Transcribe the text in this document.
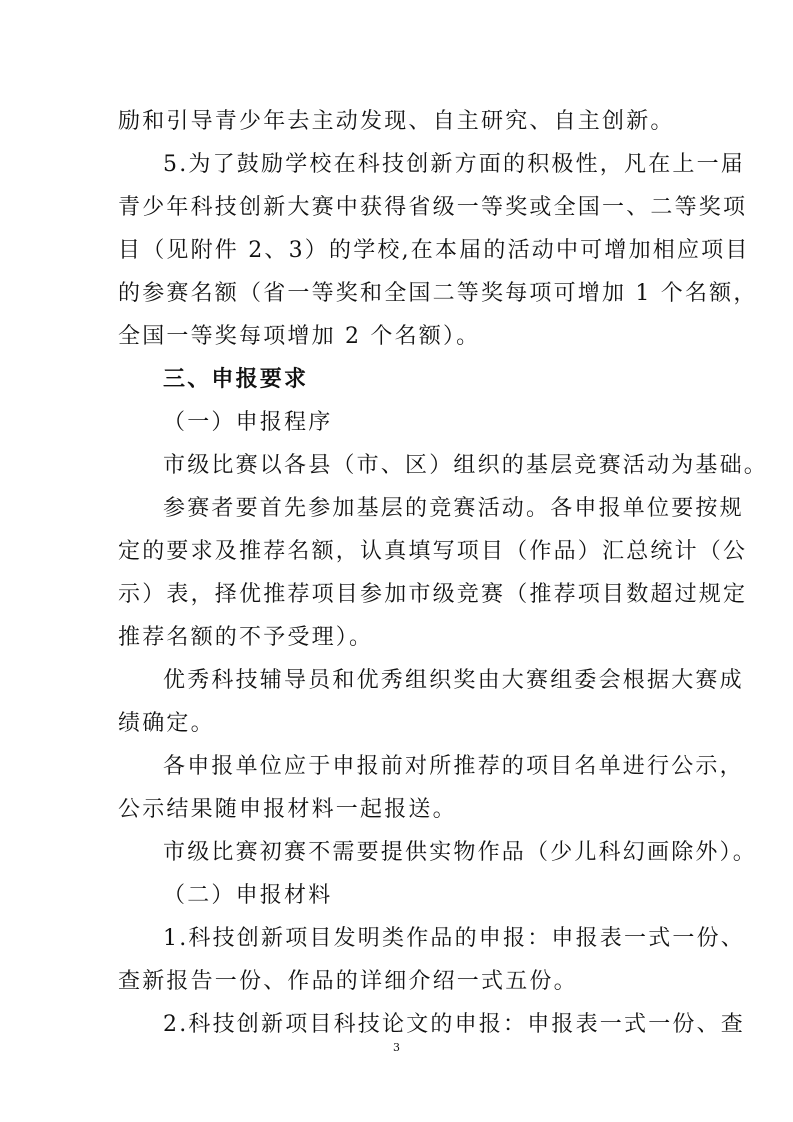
励和引导青少年去主动发现、自主研究、自主创新。
5.为了鼓励学校在科技创新方面的积极性，凡在上一届
青少年科技创新大赛中获得省级一等奖或全国一、二等奖项
目（见附件 2、3）的学校,在本届的活动中可增加相应项目
的参赛名额（省一等奖和全国二等奖每项可增加 1 个名额，
全国一等奖每项增加 2 个名额）。
三、申报要求
（一）申报程序
市级比赛以各县（市、区）组织的基层竞赛活动为基础。
参赛者要首先参加基层的竞赛活动。各申报单位要按规
定的要求及推荐名额，认真填写项目（作品）汇总统计（公
示）表，择优推荐项目参加市级竞赛（推荐项目数超过规定
推荐名额的不予受理）。
优秀科技辅导员和优秀组织奖由大赛组委会根据大赛成
绩确定。
各申报单位应于申报前对所推荐的项目名单进行公示，
公示结果随申报材料一起报送。
市级比赛初赛不需要提供实物作品（少儿科幻画除外）。
（二）申报材料
1.科技创新项目发明类作品的申报：申报表一式一份、
查新报告一份、作品的详细介绍一式五份。
2.科技创新项目科技论文的申报：申报表一式一份、查
3
